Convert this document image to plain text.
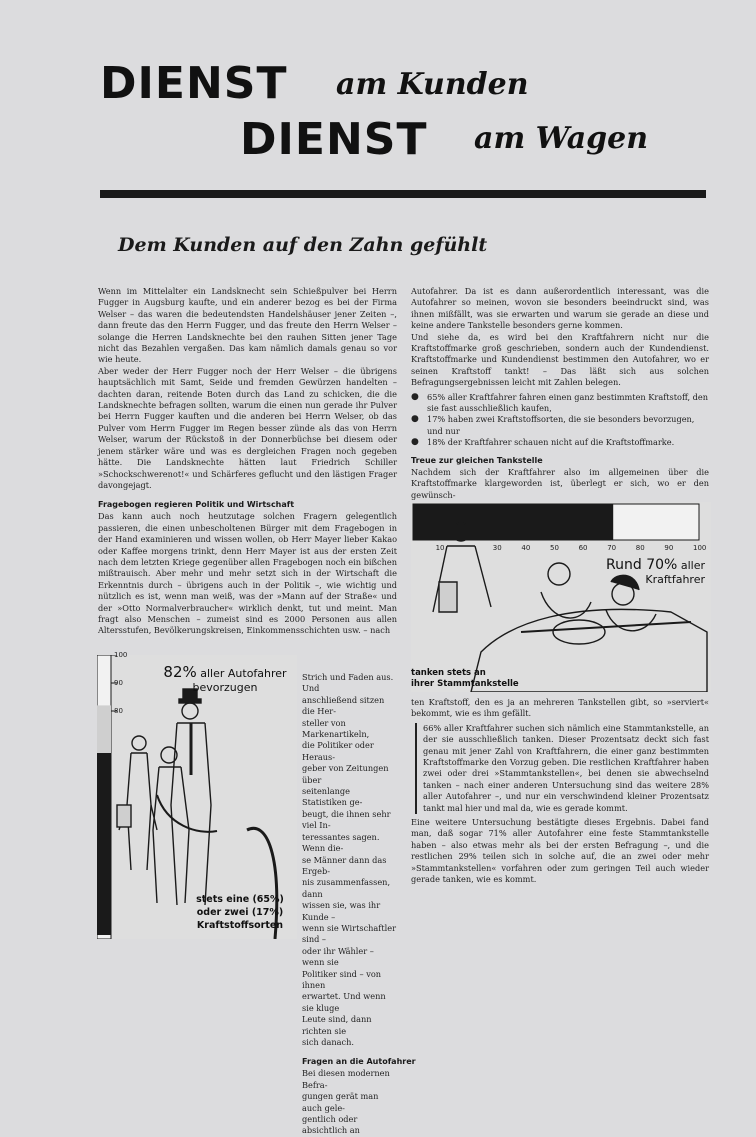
DIENST am Kunden
DIENST am Wagen
Dem Kunden auf den Zahn gefühlt

Wenn im Mittelalter ein Landsknecht sein Schießpulver bei Herrn Fugger in Augsburg kaufte, und ein anderer bezog es bei der Firma Welser – das waren die bedeutendsten Handelshäuser jener Zeiten –, dann freute das den Herrn Fugger, und das freute den Herrn Welser – solange die Herren Landsknechte bei den rauhen Sitten jener Tage nicht das Bezahlen vergaßen. Das kam nämlich damals genau so vor wie heute.

Aber weder der Herr Fugger noch der Herr Welser – die übrigens hauptsächlich mit Samt, Seide und fremden Gewürzen handelten – dachten daran, reitende Boten durch das Land zu schicken, die die Landsknechte befragen sollten, warum die einen nun gerade ihr Pulver bei Herrn Fugger kauften und die anderen bei Herrn Welser, ob das Pulver vom Herrn Fugger im Regen besser zünde als das von Herrn Welser, warum der Rückstoß in der Donnerbüchse bei diesem oder jenem stärker wäre und was es dergleichen Fragen noch gegeben hätte. Die Landsknechte hätten laut Friedrich Schiller »Schockschwerenot!« und Schärferes geflucht und den lästigen Frager davongejagt.

Fragebogen regieren Politik und Wirtschaft

Das kann auch noch heutzutage solchen Fragern gelegentlich passieren, die einen unbescholtenen Bürger mit dem Fragebogen in der Hand examinieren und wissen wollen, ob Herr Mayer lieber Kakao oder Kaffee morgens trinkt, denn Herr Mayer ist aus der ersten Zeit nach dem letzten Kriege gegenüber allen Fragebogen noch ein bißchen mißtrauisch. Aber mehr und mehr setzt sich in der Wirtschaft die Erkenntnis durch – übrigens auch in der Politik –, wie wichtig und nützlich es ist, wenn man weiß, was der »Mann auf der Straße« und der »Otto Normalverbraucher« wirklich denkt, tut und meint. Man fragt also Menschen – zumeist sind es 2000 Personen aus allen Altersstufen, Bevölkerungskreisen, Einkommensschichten usw. – nach

Strich und Faden aus. Und
anschließend sitzen die Her-
steller von Markenartikeln,
die Politiker oder Heraus-
geber von Zeitungen über
seitenlange Statistiken ge-
beugt, die ihnen sehr viel In-
teressantes sagen. Wenn die-
se Männer dann das Ergeb-
nis zusammenfassen, dann
wissen sie, was ihr Kunde –
wenn sie Wirtschaftler sind –
oder ihr Wähler – wenn sie
Politiker sind – von ihnen
erwartet. Und wenn sie kluge
Leute sind, dann richten sie
sich danach.
Fragen an die Autofahrer
Bei diesen modernen Befra-
gungen gerät man auch gele-
gentlich oder absichtlich an
100
90
80
82% aller Autofahrer
bevorzugen
stets eine (65%)
oder zwei (17%)
Kraftstoffsorten

Autofahrer. Da ist es dann außerordentlich interessant, was die Autofahrer so meinen, wovon sie besonders beeindruckt sind, was ihnen mißfällt, was sie erwarten und warum sie gerade an diese und keine andere Tankstelle besonders gerne kommen.

Und siehe da, es wird bei den Kraftfahrern nicht nur die Kraftstoffmarke groß geschrieben, sondern auch der Kundendienst. Kraftstoffmarke und Kundendienst bestimmen den Autofahrer, wo er seinen Kraftstoff tankt! – Das läßt sich aus solchen Befragungsergebnissen leicht mit Zahlen belegen.

● 65% aller Kraftfahrer fahren einen ganz bestimmten Kraftstoff, den sie fast ausschließlich kaufen,
● 17% haben zwei Kraftstoffsorten, die sie besonders bevorzugen, und nur
● 18% der Kraftfahrer schauen nicht auf die Kraftstoffmarke.
Treue zur gleichen Tankstelle

Nachdem sich der Kraftfahrer also im allgemeinen über die Kraftstoffmarke klargeworden ist, überlegt er sich, wo er den gewünsch-

10	30	40	50	60	70	80	90	100
Rund 70% aller
Kraftfahrer
tanken stets an
ihrer Stammtankstelle

ten Kraftstoff, den es ja an mehreren Tankstellen gibt, so »serviert« bekommt, wie es ihm gefällt.

66% aller Kraftfahrer suchen sich nämlich eine Stammtankstelle, an der sie ausschließlich tanken. Dieser Prozentsatz deckt sich fast genau mit jener Zahl von Kraftfahrern, die einer ganz bestimmten Kraftstoffmarke den Vorzug geben. Die restlichen Kraftfahrer haben zwei oder drei »Stammtankstellen«, bei denen sie abwechselnd tanken – nach einer anderen Untersuchung sind das weitere 28% aller Autofahrer –, und nur ein verschwindend kleiner Prozentsatz tankt mal hier und mal da, wie es gerade kommt.

Eine weitere Untersuchung bestätigte dieses Ergebnis. Dabei fand man, daß sogar 71% aller Autofahrer eine feste Stammtankstelle haben – also etwas mehr als bei der ersten Befragung –, und die restlichen 29% teilen sich in solche auf, die an zwei oder mehr »Stammtankstellen« vorfahren oder zum geringen Teil auch wieder gerade tanken, wie es kommt.
